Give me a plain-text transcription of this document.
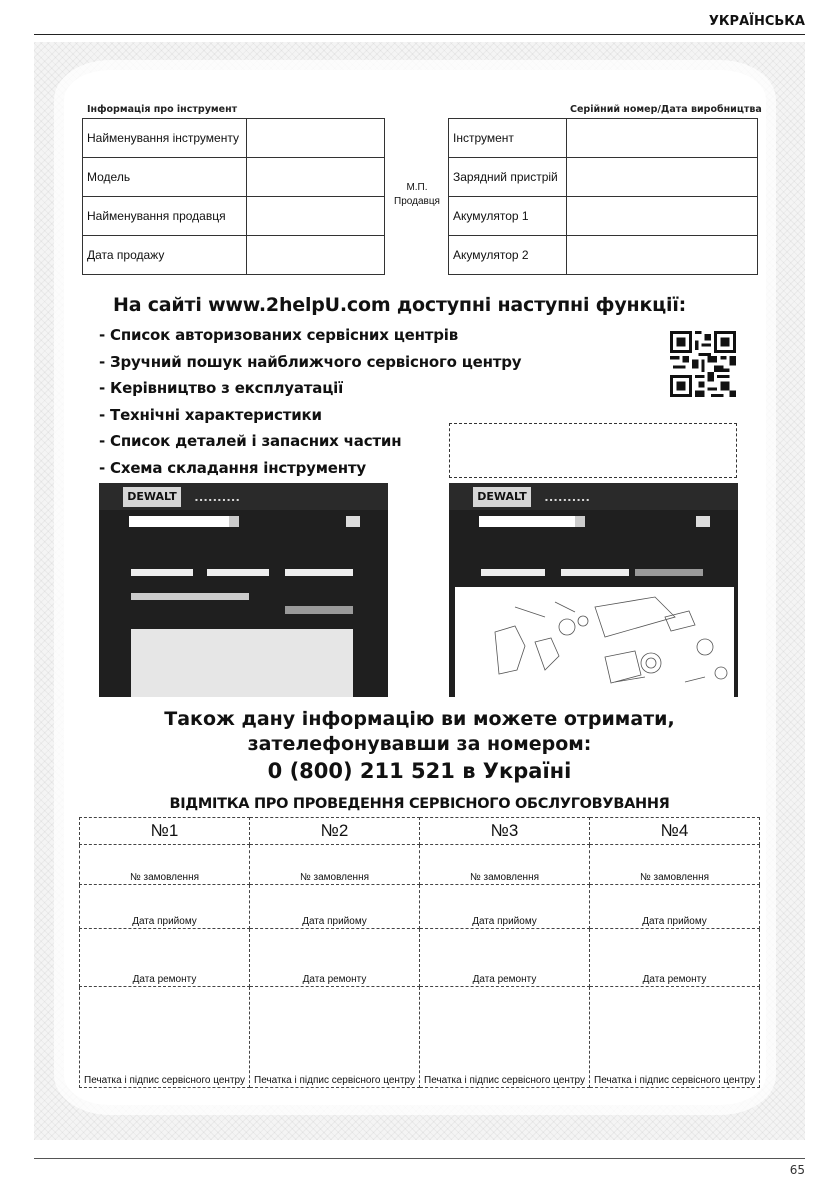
УКРАЇНСЬКА
Інформація про інструмент
Найменування інструменту	
Модель	
Найменування продавця	
Дата продажу	
М.П.
Продавця
Серійний номер/Дата виробництва
Інструмент	
Зарядний пристрій	
Акумулятор 1	
Акумулятор 2	
На сайті www.2helpU.com доступні наступні функції:
- Список авторизованих сервісних центрів
- Зручний пошук найближчого сервісного центру
- Керівництво з експлуатації
- Технічні характеристики
- Список деталей і запасних частин
- Схема складання інструменту
DEWALT	▪ ▪ ▪ ▪ ▪ ▪ ▪ ▪ ▪ ▪	DEWALT	▪ ▪ ▪ ▪ ▪ ▪ ▪ ▪ ▪ ▪
Також дану інформацію ви можете отримати,
зателефонувавши за номером:
0 (800) 211 521 в Україні
ВІДМІТКА ПРО ПРОВЕДЕННЯ СЕРВІСНОГО ОБСЛУГОВУВАННЯ
№1	№2	№3	№4
№ замовлення	№ замовлення	№ замовлення	№ замовлення
Дата прийому	Дата прийому	Дата прийому	Дата прийому
Дата ремонту	Дата ремонту	Дата ремонту	Дата ремонту
Печатка і підпис сервісного центру	Печатка і підпис сервісного центру	Печатка і підпис сервісного центру	Печатка і підпис сервісного центру
65
